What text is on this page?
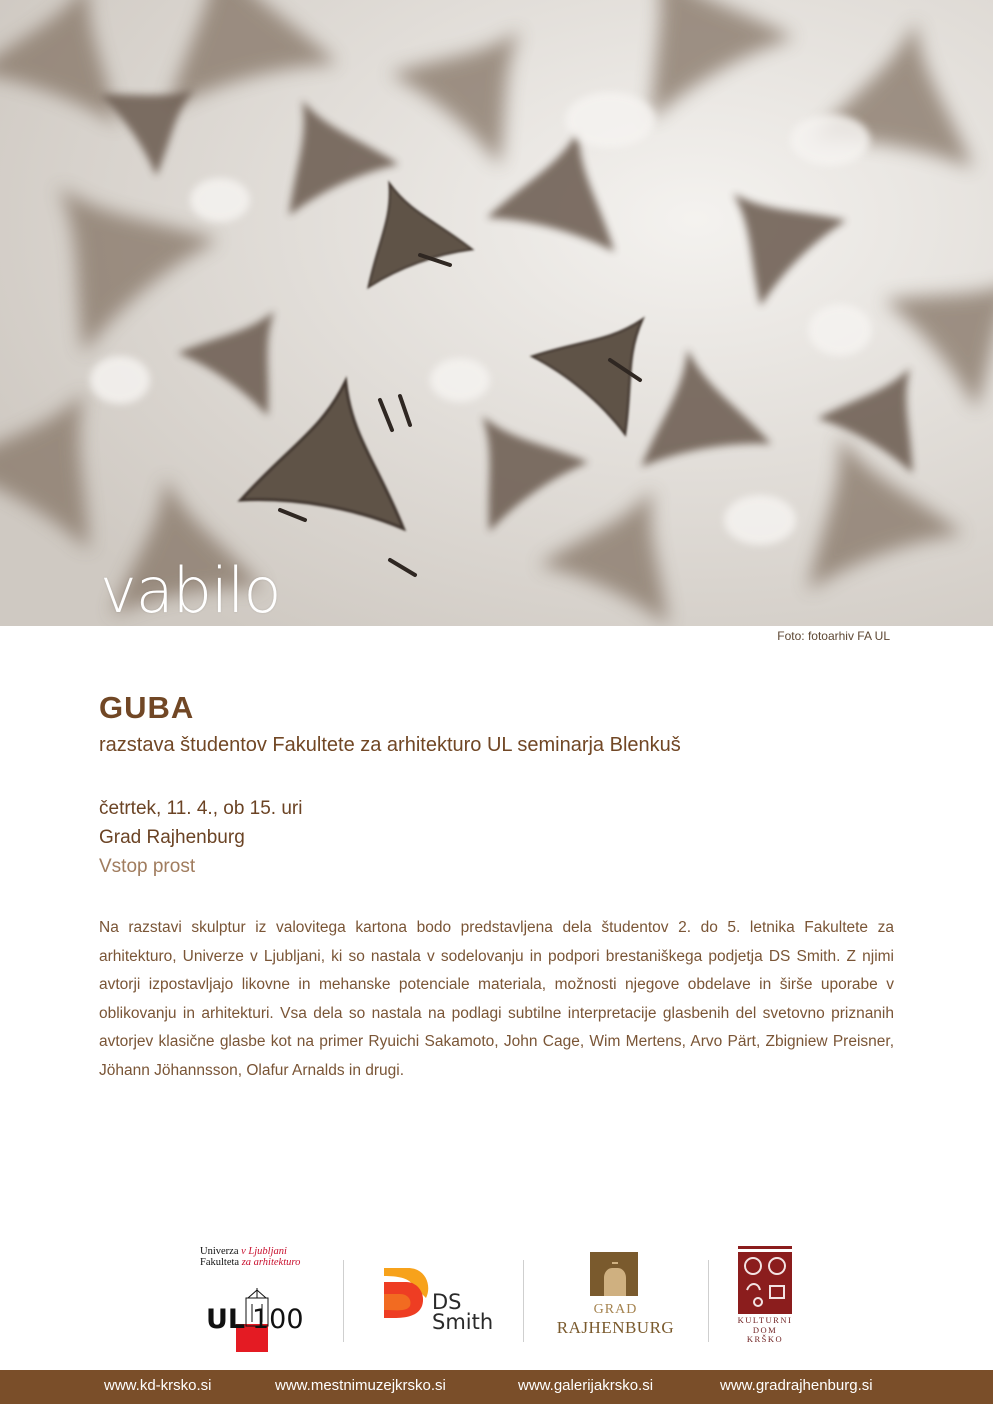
vabilo
Foto: fotoarhiv FA UL
GUBA
razstava študentov Fakultete za arhitekturo UL seminarja Blenkuš
četrtek, 11. 4., ob 15. uri
Grad Rajhenburg
Vstop prost

Na razstavi skulptur iz valovitega kartona bodo predstavljena dela študentov 2. do 5. letnika Fakultete za arhitekturo, Univerze v Ljubljani, ki so nastala v sodelovanju in podpori brestaniškega podjetja DS Smith. Z njimi avtorji izpostavljajo likovne in mehanske potenciale materiala, možnosti njegove obdelave in širše uporabe v oblikovanju in arhitekturi. Vsa dela so nastala na podlagi subtilne interpretacije glasbenih del svetovno priznanih avtorjev klasične glasbe kot na primer Ryuichi Sakamoto, John Cage, Wim Mertens, Arvo Pärt, Zbigniew Preisner, Jöhann Jöhannsson, Olafur Arnalds in drugi.

Univerza v Ljubljani
Fakulteta za arhitekturo
UL 100
DS
Smith
GRAD
RAJHENBURG	KULTURNI
DOM
KRŠKO
www.kd-krsko.si	www.mestnimuzejkrsko.si	www.galerijakrsko.si	www.gradrajhenburg.si
